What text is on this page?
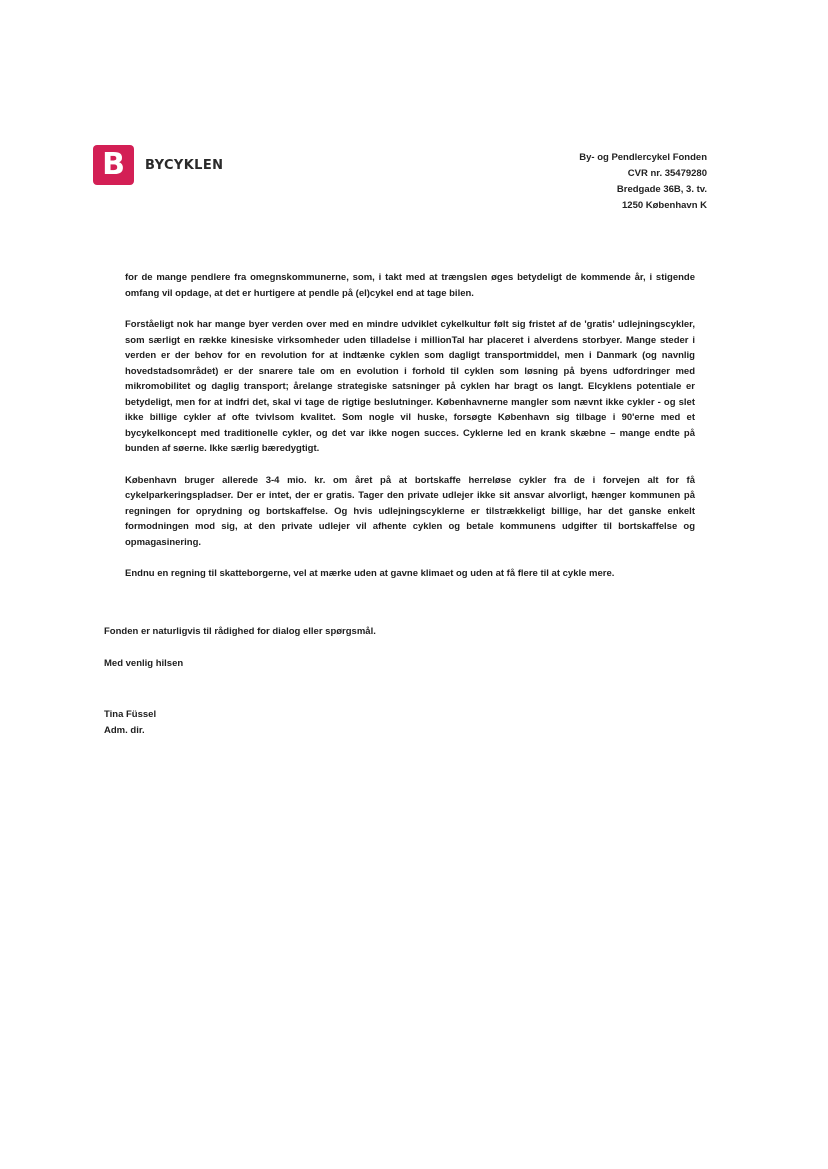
B BYCYKLEN	By- og Pendlercykel Fonden
CVR nr. 35479280
Bredgade 36B, 3. tv.
1250 København K

for de mange pendlere fra omegnskommunerne, som, i takt med at trængslen øges betydeligt de kommende år, i stigende omfang vil opdage, at det er hurtigere at pendle på (el)cykel end at tage bilen.

Forståeligt nok har mange byer verden over med en mindre udviklet cykelkultur følt sig fristet af de 'gratis' udlejningscykler, som særligt en række kinesiske virksomheder uden tilladelse i millionTal har placeret i alverdens storbyer. Mange steder i verden er der behov for en revolution for at indtænke cyklen som dagligt transportmiddel, men i Danmark (og navnlig hovedstadsområdet) er der snarere tale om en evolution i forhold til cyklen som løsning på byens udfordringer med mikromobilitet og daglig transport; årelange strategiske satsninger på cyklen har bragt os langt. Elcyklens potentiale er betydeligt, men for at indfri det, skal vi tage de rigtige beslutninger. Københavnerne mangler som nævnt ikke cykler - og slet ikke billige cykler af ofte tvivlsom kvalitet. Som nogle vil huske, forsøgte København sig tilbage i 90'erne med et bycykelkoncept med traditionelle cykler, og det var ikke nogen succes. Cyklerne led en krank skæbne – mange endte på bunden af søerne. Ikke særlig bæredygtigt.

København bruger allerede 3-4 mio. kr. om året på at bortskaffe herreløse cykler fra de i forvejen alt for få cykelparkeringspladser. Der er intet, der er gratis. Tager den private udlejer ikke sit ansvar alvorligt, hænger kommunen på regningen for oprydning og bortskaffelse. Og hvis udlejningscyklerne er tilstrækkeligt billige, har det ganske enkelt formodningen mod sig, at den private udlejer vil afhente cyklen og betale kommunens udgifter til bortskaffelse og opmagasinering.

Endnu en regning til skatteborgerne, vel at mærke uden at gavne klimaet og uden at få flere til at cykle mere.

Fonden er naturligvis til rådighed for dialog eller spørgsmål.

Med venlig hilsen

Tina Füssel

Adm. dir.
